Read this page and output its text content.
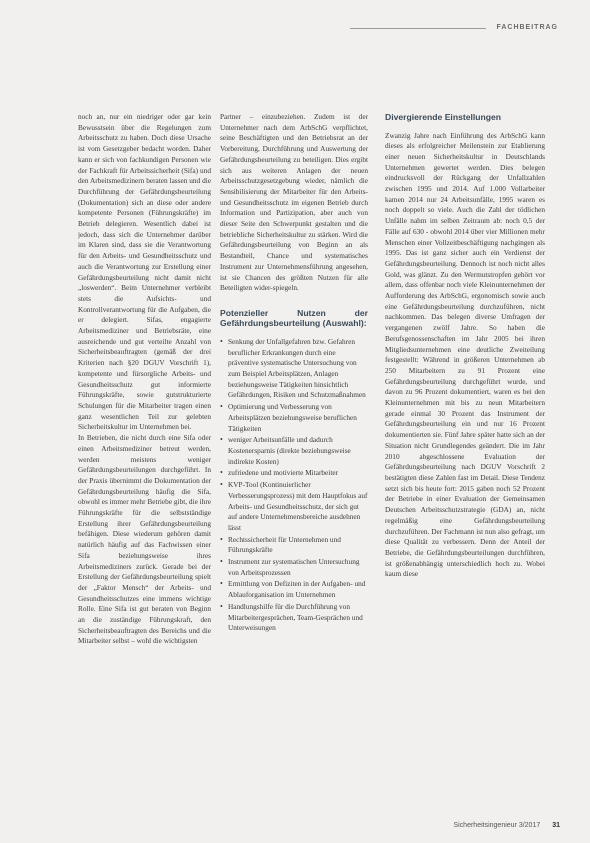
FACHBEITRAG

noch an, nur ein niedriger oder gar kein Bewusstsein über die Regelungen zum Arbeitsschutz zu haben. Doch diese Ursache ist vom Gesetzgeber bedacht worden. Daher kann er sich von fachkundigen Personen wie der Fachkraft für Arbeitssicherheit (Sifa) und den Arbeitsmedizinern beraten lassen und die Durchführung der Gefährdungsbeurteilung (Dokumentation) sich an diese oder andere kompetente Personen (Führungskräfte) im Betrieb delegieren. Wesentlich dabei ist jedoch, dass sich die Unternehmer darüber im Klaren sind, dass sie die Verantwortung für den Arbeits- und Gesundheitsschutz und auch die Verantwortung zur Erstellung einer Gefährdungsbeurteilung nicht damit nicht „loswerden“. Beim Unternehmer verbleibt stets die Aufsichts- und Kontrollverantwortung für die Aufgaben, die er delegiert. Sifas, engagierte Arbeitsmediziner und Betriebsräte, eine ausreichende und gut verteilte Anzahl von Sicherheitsbeauftragten (gemäß der drei Kriterien nach §20 DGUV Vorschrift 1), kompetente und fürsorgliche Arbeits- und Gesundheitsschutz gut informierte Führungskräfte, sowie gutstrukturierte Schulungen für die Mitarbeiter tragen einen ganz wesentlichen Teil zur gelebten Sicherheitskultur im Unternehmen bei.

In Betrieben, die nicht durch eine Sifa oder einen Arbeitsmediziner betreut werden, werden meistens weniger Gefährdungsbeurteilungen durchgeführt. In der Praxis übernimmt die Dokumentation der Gefährdungsbeurteilung häufig die Sifa, obwohl es immer mehr Betriebe gibt, die ihre Führungskräfte für die selbstständige Erstellung ihrer Gefährdungsbeurteilung befähigen. Diese wiederum gehören damit natürlich häufig auf das Fachwissen einer Sifa beziehungsweise ihres Arbeitsmediziners zurück. Gerade bei der Erstellung der Gefährdungsbeurteilung spielt der „Faktor Mensch“ der Arbeits- und Gesundheitsschutzes eine immens wichtige Rolle. Eine Sifa ist gut beraten von Beginn an die zuständige Führungskraft, den Sicherheitsbeauftragten des Bereichs und die Mitarbeiter selbst – wohl die wichtigsten

Partner – einzubeziehen. Zudem ist der Unternehmer nach dem ArbSchG verpflichtet, seine Beschäftigten und den Betriebsrat an der Vorbereitung, Durchführung und Auswertung der Gefährdungsbeurteilung zu beteiligen. Dies ergibt sich aus weiteren Anlagen der neuen Arbeitsschutzgesetzgebung wieder, nämlich die Sensibilisierung der Mitarbeiter für den Arbeits- und Gesundheitsschutz im eigenen Betrieb durch Information und Partizipation, aber auch von dieser Seite den Schwerpunkt gestalten und die betriebliche Sicherheitskultur zu stärken. Wird die Gefährdungsbeurteilung von Beginn an als Bestandteil, Chance und systematisches Instrument zur Unternehmensführung angesehen, ist sie Chancen des größten Nutzen für alle Beteiligten wider-spiegeln.

Potenzieller Nutzen der Gefährdungsbeurteilung (Auswahl):
• Senkung der Unfallgefahren bzw. Gefahren beruflicher Erkrankungen durch eine präventive systematische Untersuchung von zum Beispiel Arbeitsplätzen, Anlagen beziehungsweise Tätigkeiten hinsichtlich Gefährdungen, Risiken und Schutzmaßnahmen
• Optimierung und Verbesserung von Arbeitsplätzen beziehungsweise beruflichen Tätigkeiten
• weniger Arbeitsunfälle und dadurch Kostenersparnis (direkte beziehungsweise indirekte Kosten)
• zufriedene und motivierte Mitarbeiter
• KVP-Tool (Kontinuierlicher Verbesserungsprozess) mit dem Hauptfokus auf Arbeits- und Gesundheitsschutz, der sich gut auf andere Unternehmensbereiche ausdehnen lässt
• Rechtssicherheit für Unternehmen und Führungskräfte
• Instrument zur systematischen Untersuchung von Arbeitsprozessen
• Ermittlung von Defiziten in der Aufgaben- und Ablauforganisation im Unternehmen
• Handlungshilfe für die Durchführung von Mitarbeitergesprächen, Team-Gesprächen und Unterweisungen
Divergierende Einstellungen

Zwanzig Jahre nach Einführung des ArbSchG kann dieses als erfolgreicher Meilenstein zur Etablierung einer neuen Sicherheitskultur in Deutschlands Unternehmen gewertet werden. Dies belegen eindrucksvoll der Rückgang der Unfallzahlen zwischen 1995 und 2014. Auf 1.000 Vollarbeiter kamen 2014 nur 24 Arbeitsunfälle, 1995 waren es noch doppelt so viele. Auch die Zahl der tödlichen Unfälle nahm im selben Zeitraum ab: noch 0,5 der Fälle auf 630 - obwohl 2014 über vier Millionen mehr Menschen einer Vollzeitbeschäftigung nachgingen als 1995. Das ist ganz sicher auch ein Verdienst der Gefährdungsbeurteilung. Dennoch ist noch nicht alles Gold, was glänzt. Zu den Wermutstropfen gehört vor allem, dass offenbar noch viele Kleinunternehmen der Aufforderung des ArbSchG, ergonomisch sowie auch eine Gefährdungsbeurteilung durchzuführen, nicht nachkommen. Das belegen diverse Umfragen der vergangenen zwölf Jahre. So haben die Berufsgenossenschaften im Jahr 2005 bei ihren Mitgliedsunternehmen eine deutliche Zweiteilung festgestellt: Während in größeren Unternehmen ab 250 Mitarbeitern zu 91 Prozent eine Gefährdungsbeurteilung durchgeführt wurde, und davon zu 96 Prozent dokumentiert, waren es bei den Kleinunternehmen mit bis zu neun Mitarbeitern gerade einmal 30 Prozent das Instrument der Gefährdungsbeurteilung ein und nur 16 Prozent dokumentierten sie. Fünf Jahre später hatte sich an der Situation nicht Grundlegendes geändert. Die im Jahr 2010 abgeschlossene Evaluation der Gefährdungsbeurteilung nach DGUV Vorschrift 2 bestätigten diese Zahlen fast im Detail. Diese Tendenz setzt sich bis heute fort: 2015 gaben noch 52 Prozent der Betriebe in einer Evaluation der Gemeinsamen Deutschen Arbeitsschutzstrategie (GDA) an, nicht regelmäßig eine Gefährdungsbeurteilung durchzuführen. Der Fachmann ist nun also gefragt, um diese Qualität zu verbessern. Denn der Anteil der Betriebe, die Gefährdungsbeurteilungen durchführen, ist größenabhängig unterschiedlich hoch zu. Wobei kaum diese

Sicherheitsingenieur 3/2017 31
